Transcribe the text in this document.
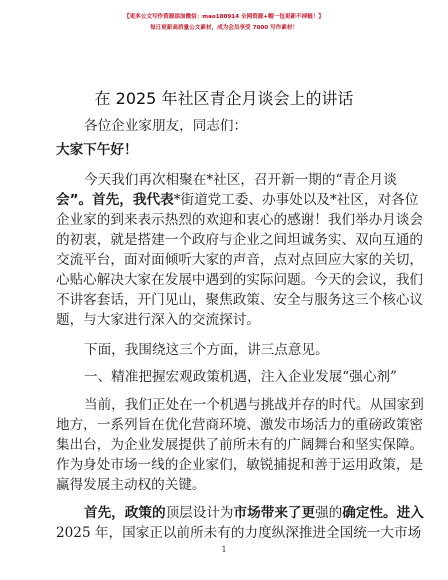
【更多公文写作资源添加微信：mao180914 全网资源+帽一包更新不掉链！】
每日更新高质量公文素材，成为会员享受 7000 写作素材！
在 2025 年社区青企月谈会上的讲话
各位企业家朋友，同志们：
大家下午好！
今天我们再次相聚在*社区，召开新一期的“青企月谈
会”。首先，我代表*街道党工委、办事处以及*社区，对各位
企业家的到来表示热烈的欢迎和衷心的感谢！我们举办月谈会
的初衷，就是搭建一个政府与企业之间坦诚务实、双向互通的
交流平台，面对面倾听大家的声音，点对点回应大家的关切，
心贴心解决大家在发展中遇到的实际问题。今天的会议，我们
不讲客套话，开门见山，聚焦政策、安全与服务这三个核心议
题，与大家进行深入的交流探讨。
下面，我围绕这三个方面，讲三点意见。
一、精准把握宏观政策机遇，注入企业发展“强心剂”
当前，我们正处在一个机遇与挑战并存的时代。从国家到
地方，一系列旨在优化营商环境、激发市场活力的重磅政策密
集出台，为企业发展提供了前所未有的广阔舞台和坚实保障。
作为身处市场一线的企业家们，敏锐捕捉和善于运用政策，是
赢得发展主动权的关键。
首先，政策的顶层设计为市场带来了更强的确定性。进入
2025 年，国家正以前所未有的力度纵深推进全国统一大市场
1
